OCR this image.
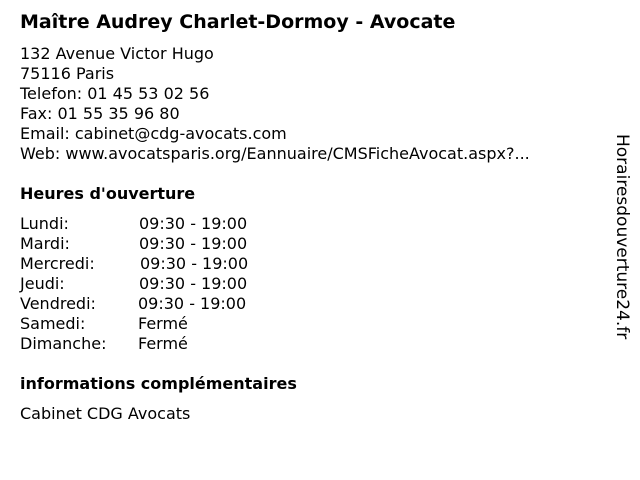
Maître Audrey Charlet-Dormoy - Avocate
132 Avenue Victor Hugo
75116 Paris
Telefon: 01 45 53 02 56
Fax: 01 55 35 96 80
Email: cabinet@cdg-avocats.com
Web: www.avocatsparis.org/Eannuaire/CMSFicheAvocat.aspx?...
Heures d'ouverture
Lundi:	09:30 - 19:00
Mardi:	09:30 - 19:00
Mercredi:	09:30 - 19:00
Jeudi:	09:30 - 19:00
Vendredi:	09:30 - 19:00
Samedi:	Fermé
Dimanche: Fermé
informations complémentaires
Cabinet CDG Avocats
Horairesdouverture24.fr
